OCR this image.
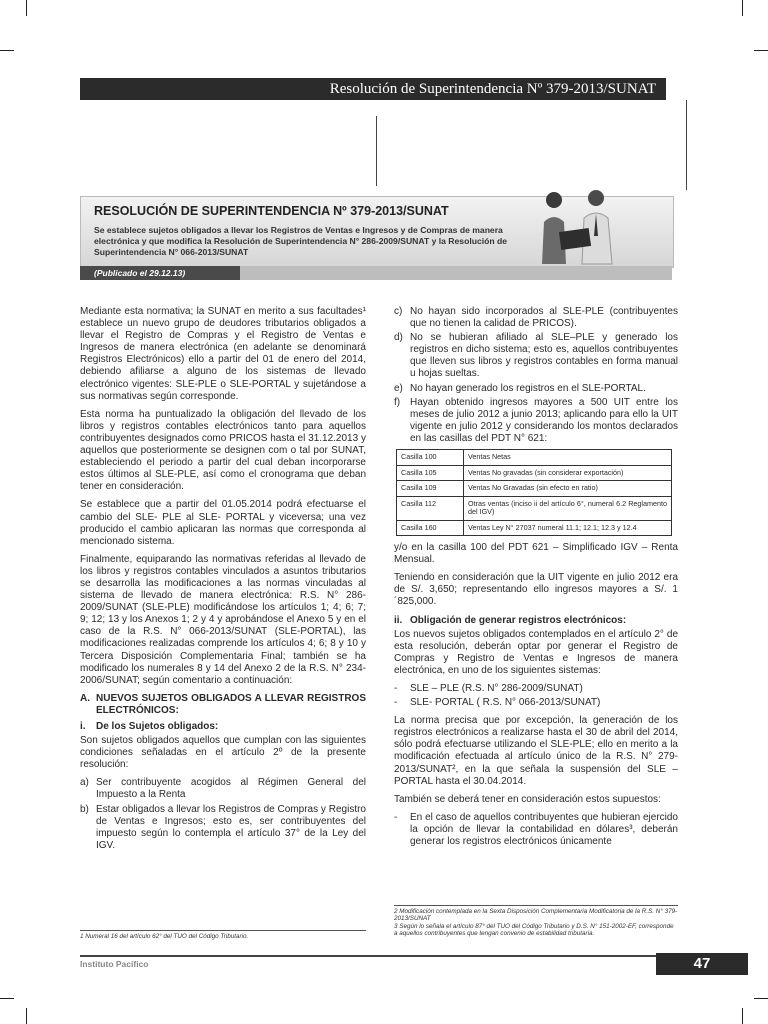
Resolución de Superintendencia Nº 379-2013/SUNAT
RESOLUCIÓN DE SUPERINTENDENCIA Nº 379-2013/SUNAT
Se establece sujetos obligados a llevar los Registros de Ventas e Ingresos y de Compras de manera electrónica y que modifica la Resolución de Superintendencia N° 286-2009/SUNAT y la Resolución de Superintendencia N° 066-2013/SUNAT
(Publicado el 29.12.13)

Mediante esta normativa; la SUNAT en merito a sus facultades¹ establece un nuevo grupo de deudores tributarios obligados a llevar el Registro de Compras y el Registro de Ventas e Ingresos de manera electrónica (en adelante se denominará Registros Electrónicos) ello a partir del 01 de enero del 2014, debiendo afiliarse a alguno de los sistemas de llevado electrónico vigentes: SLE-PLE o SLE-PORTAL y sujetándose a sus normativas según corresponde.

Esta norma ha puntualizado la obligación del llevado de los libros y registros contables electrónicos tanto para aquellos contribuyentes designados como PRICOS hasta el 31.12.2013 y aquellos que posteriormente se designen com o tal por SUNAT, estableciendo el periodo a partir del cual deban incorporarse estos últimos al SLE-PLE, así como el cronograma que deban tener en consideración.

Se establece que a partir del 01.05.2014 podrá efectuarse el cambio del SLE- PLE al SLE- PORTAL y viceversa; una vez producido el cambio aplicaran las normas que corresponda al mencionado sistema.

Finalmente, equiparando las normativas referidas al llevado de los libros y registros contables vinculados a asuntos tributarios se desarrolla las modificaciones a las normas vinculadas al sistema de llevado de manera electrónica: R.S. N° 286-2009/SUNAT (SLE-PLE) modificándose los artículos 1; 4; 6; 7; 9; 12; 13 y los Anexos 1; 2 y 4 y aprobándose el Anexo 5 y en el caso de la R.S. N° 066-2013/SUNAT (SLE-PORTAL), las modificaciones realizadas comprende los artículos 4; 6; 8 y 10 y Tercera Disposición Complementaria Final; también se ha modificado los numerales 8 y 14 del Anexo 2 de la R.S. N° 234-2006/SUNAT; según comentario a continuación:

A. NUEVOS SUJETOS OBLIGADOS A LLEVAR REGISTROS ELECTRÓNICOS:
i.	De los Sujetos obligados:

Son sujetos obligados aquellos que cumplan con las siguientes condiciones señaladas en el artículo 2º de la presente resolución:

a) Ser contribuyente acogidos al Régimen General del Impuesto a la Renta
b) Estar obligados a llevar los Registros de Compras y Registro de Ventas e Ingresos; esto es, ser contribuyentes del impuesto según lo contempla el artículo 37° de la Ley del IGV.
1 Numeral 16 del artículo 62° del TUO del Código Tributario.
c) No hayan sido incorporados al SLE-PLE (contribuyentes que no tienen la calidad de PRICOS).
d) No se hubieran afiliado al SLE–PLE y generado los registros en dicho sistema; esto es, aquellos contribuyentes que lleven sus libros y registros contables en forma manual u hojas sueltas.
e) No hayan generado los registros en el SLE-PORTAL.
f) Hayan obtenido ingresos mayores a 500 UIT entre los meses de julio 2012 a junio 2013; aplicando para ello la UIT vigente en julio 2012 y considerando los montos declarados en las casillas del PDT N° 621:
Casilla 100	Ventas Netas
Casilla 105	Ventas No gravadas (sin considerar exportación)
Casilla 109	Ventas No Gravadas (sin efecto en ratio)
Casilla 112	Otras ventas (inciso ii del artículo 6°, numeral 6.2 Reglamento del IGV)
Casilla 160	Ventas Ley N° 27037 numeral 11.1; 12.1; 12.3 y 12.4

y/o en la casilla 100 del PDT 621 – Simplificado IGV – Renta Mensual.

Teniendo en consideración que la UIT vigente en julio 2012 era de S/. 3,650; representando ello ingresos mayores a S/. 1´825,000.

ii. Obligación de generar registros electrónicos:

Los nuevos sujetos obligados contemplados en el artículo 2° de esta resolución, deberán optar por generar el Registro de Compras y Registro de Ventas e Ingresos de manera electrónica, en uno de los siguientes sistemas:

-	SLE – PLE (R.S. N° 286-2009/SUNAT)
-	SLE- PORTAL ( R.S. N° 066-2013/SUNAT)

La norma precisa que por excepción, la generación de los registros electrónicos a realizarse hasta el 30 de abril del 2014, sólo podrá efectuarse utilizando el SLE-PLE; ello en merito a la modificación efectuada al artículo único de la R.S. N° 279-2013/SUNAT², en la que señala la suspensión del SLE – PORTAL hasta el 30.04.2014.

También se deberá tener en consideración estos supuestos:

-	En el caso de aquellos contribuyentes que hubieran ejercido la opción de llevar la contabilidad en dólares³, deberán generar los registros electrónicos únicamente
2 Modificación contemplada en la Sexta Disposición Complementaria Modificatoria de la R.S. N° 379-2013/SUNAT
3 Según lo señala el artículo 87° del TUO del Código Tributario y D.S. N° 151-2002-EF, corresponde a aquellos contribuyentes que tengan convenio de estabilidad tributaria.
Instituto Pacífico	47
